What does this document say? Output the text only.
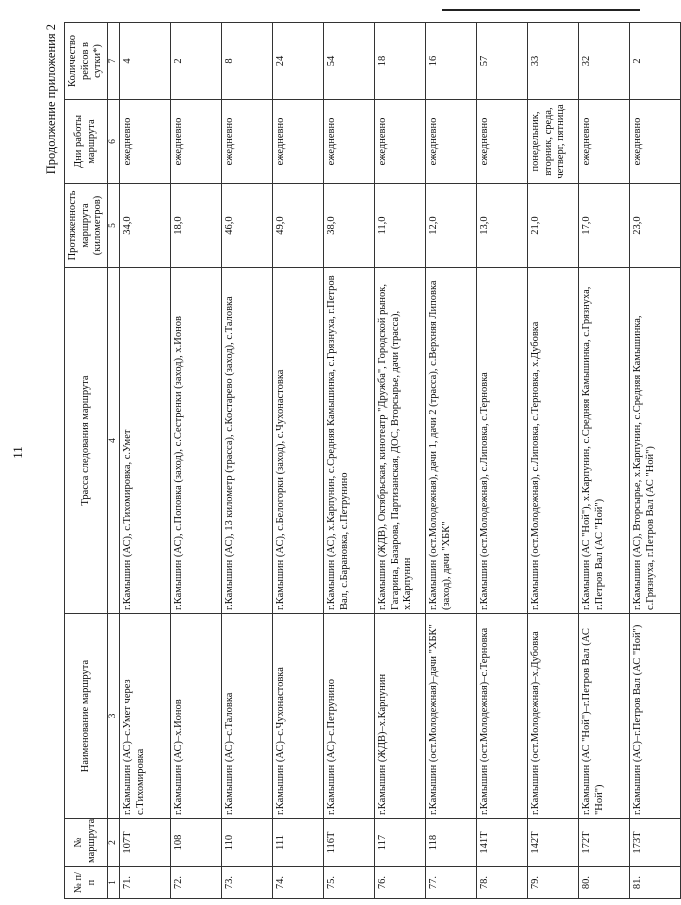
11
Продолжение приложения 2
№ п/п	№ маршрута	Наименование маршрута	Трасса следования маршрута	Протяженность маршрута (километров)	Дни работы маршрута	Количество рейсов в сутки*)
1	2	3	4	5	6	7
71.	107Т	г.Камышин (АС)–с.Умет через с.Тихомировка	г.Камышин (АС), с.Тихомировка, с.Умет	34,0	ежедневно	4
72.	108	г.Камышин (АС)–х.Ионов	г.Камышин (АС), с.Поповка (заход), с.Сестренки (заход), х.Ионов	18,0	ежедневно	2
73.	110	г.Камышин (АС)–с.Таловка	г.Камышин (АС), 13 километр (трасса), с.Костарево (заход), с.Таловка	46,0	ежедневно	8
74.	111	г.Камышин (АС)–с.Чухонастовка	г.Камышин (АС), с.Белогорки (заход), с.Чухонастовка	49,0	ежедневно	24
75.	116Т	г.Камышин (АС)–с.Петрунино	г.Камышин (АС), х.Карпунин, с.Средняя Камышинка, с.Грязнуха, г.Петров Вал, с.Барановка, с.Петрунино	38,0	ежедневно	54
76.	117	г.Камышин (ЖДВ)–х.Карпунин	г.Камышин (ЖДВ), Октябрьская, кинотеатр "Дружба", Городской рынок, Гагарина, Базарова, Партизанская, ДОС, Вторсырье, дачи (трасса), х.Карпунин	11,0	ежедневно	18
77.	118	г.Камышин (ост.Молодежная)–дачи "ХБК"	г.Камышин (ост.Молодежная), дачи 1, дачи 2 (трасса), с.Верхняя Липовка (заход), дачи "ХБК"	12,0	ежедневно	16
78.	141Т	г.Камышин (ост.Молодежная)–с.Терновка	г.Камышин (ост.Молодежная), с.Липовка, с.Терновка	13,0	ежедневно	57
79.	142Т	г.Камышин (ост.Молодежная)–х.Дубовка	г.Камышин (ост.Молодежная), с.Липовка, с.Терновка, х.Дубовка	21,0	понедельник, вторник, среда, четверг, пятница	33
80.	172Т	г.Камышин (АС "Ной")–г.Петров Вал (АС "Ной")	г.Камышин (АС "Ной"), х.Карпунин, с.Средняя Камышинка, с.Грязнуха, г.Петров Вал (АС "Ной")	17,0	ежедневно	32
81.	173Т	г.Камышин (АС)–г.Петров Вал (АС "Ной")	г.Камышин (АС), Вторсырье, х.Карпунин, с.Средняя Камышинка, с.Грязнуха, г.Петров Вал (АС "Ной")	23,0	ежедневно	2
